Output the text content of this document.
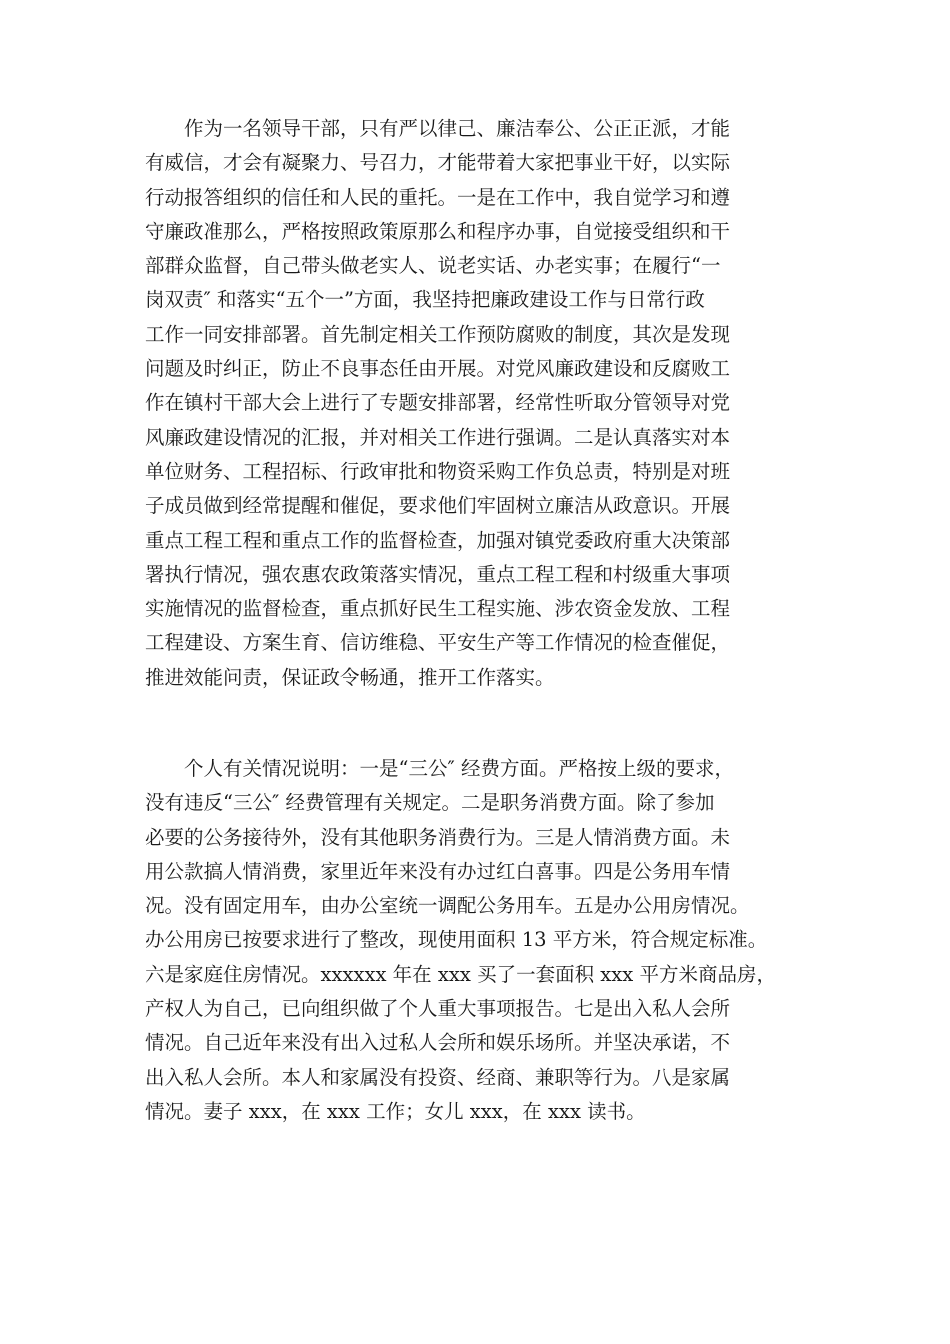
作为一名领导干部，只有严以律己、廉洁奉公、公正正派，才能
有威信，才会有凝聚力、号召力，才能带着大家把事业干好，以实际
行动报答组织的信任和人民的重托。一是在工作中，我自觉学习和遵
守廉政准那么，严格按照政策原那么和程序办事，自觉接受组织和干
部群众监督，自己带头做老实人、说老实话、办老实事；在履行“一
岗双责″ 和落实“五个一”方面，我坚持把廉政建设工作与日常行政
工作一同安排部署。首先制定相关工作预防腐败的制度，其次是发现
问题及时纠正，防止不良事态任由开展。对党风廉政建设和反腐败工
作在镇村干部大会上进行了专题安排部署，经常性听取分管领导对党
风廉政建设情况的汇报，并对相关工作进行强调。二是认真落实对本
单位财务、工程招标、行政审批和物资采购工作负总责，特别是对班
子成员做到经常提醒和催促，要求他们牢固树立廉洁从政意识。开展
重点工程工程和重点工作的监督检查，加强对镇党委政府重大决策部
署执行情况，强农惠农政策落实情况，重点工程工程和村级重大事项
实施情况的监督检查，重点抓好民生工程实施、涉农资金发放、工程
工程建设、方案生育、信访维稳、平安生产等工作情况的检查催促，
推进效能问责，保证政令畅通，推开工作落实。
个人有关情况说明：一是“三公″ 经费方面。严格按上级的要求，
没有违反“三公″ 经费管理有关规定。二是职务消费方面。除了参加
必要的公务接待外，没有其他职务消费行为。三是人情消费方面。未
用公款搞人情消费，家里近年来没有办过红白喜事。四是公务用车情
况。没有固定用车，由办公室统一调配公务用车。五是办公用房情况。
办公用房已按要求进行了整改，现使用面积 13 平方米，符合规定标准。
六是家庭住房情况。xxxxxx 年在 xxx 买了一套面积 xxx 平方米商品房，
产权人为自己，已向组织做了个人重大事项报告。七是出入私人会所
情况。自己近年来没有出入过私人会所和娱乐场所。并坚决承诺，不
出入私人会所。本人和家属没有投资、经商、兼职等行为。八是家属
情况。妻子 xxx，在 xxx 工作；女儿 xxx，在 xxx 读书。
